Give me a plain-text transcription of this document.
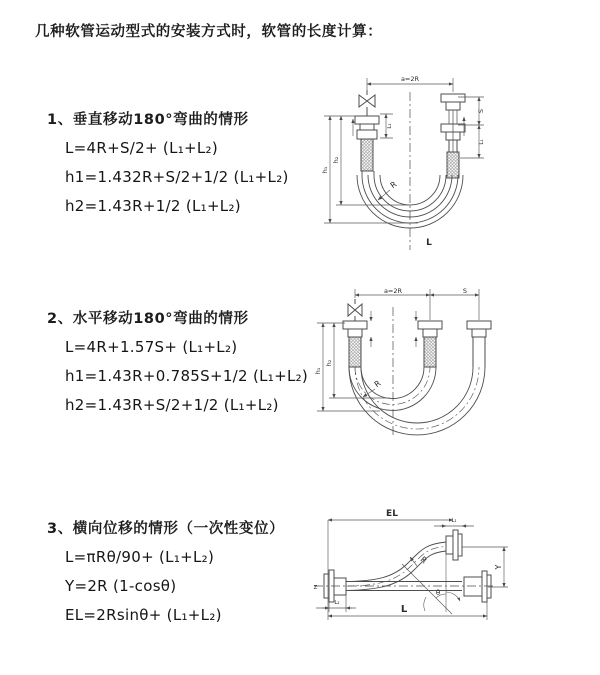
几种软管运动型式的安装方式时，软管的长度计算：
1、垂直移动180°弯曲的情形
L=4R+S/2+ (L₁+L₂)
h1=1.432R+S/2+1/2 (L₁+L₂)
h2=1.43R+1/2 (L₁+L₂)
2、水平移动180°弯曲的情形
L=4R+1.57S+ (L₁+L₂)
h1=1.43R+0.785S+1/2 (L₁+L₂)
h2=1.43R+S/2+1/2 (L₁+L₂)
3、横向位移的情形（一次性变位）
L=πRθ/90+ (L₁+L₂)
Y=2R (1-cosθ)
EL=2Rsinθ+ (L₁+L₂)
a=2R
S
L₁
L₁
h₁
h₂
R
L
a=2R	S
h₁
h₂
R
EL
L₁
Y
R
θ
L
L₂
Z
